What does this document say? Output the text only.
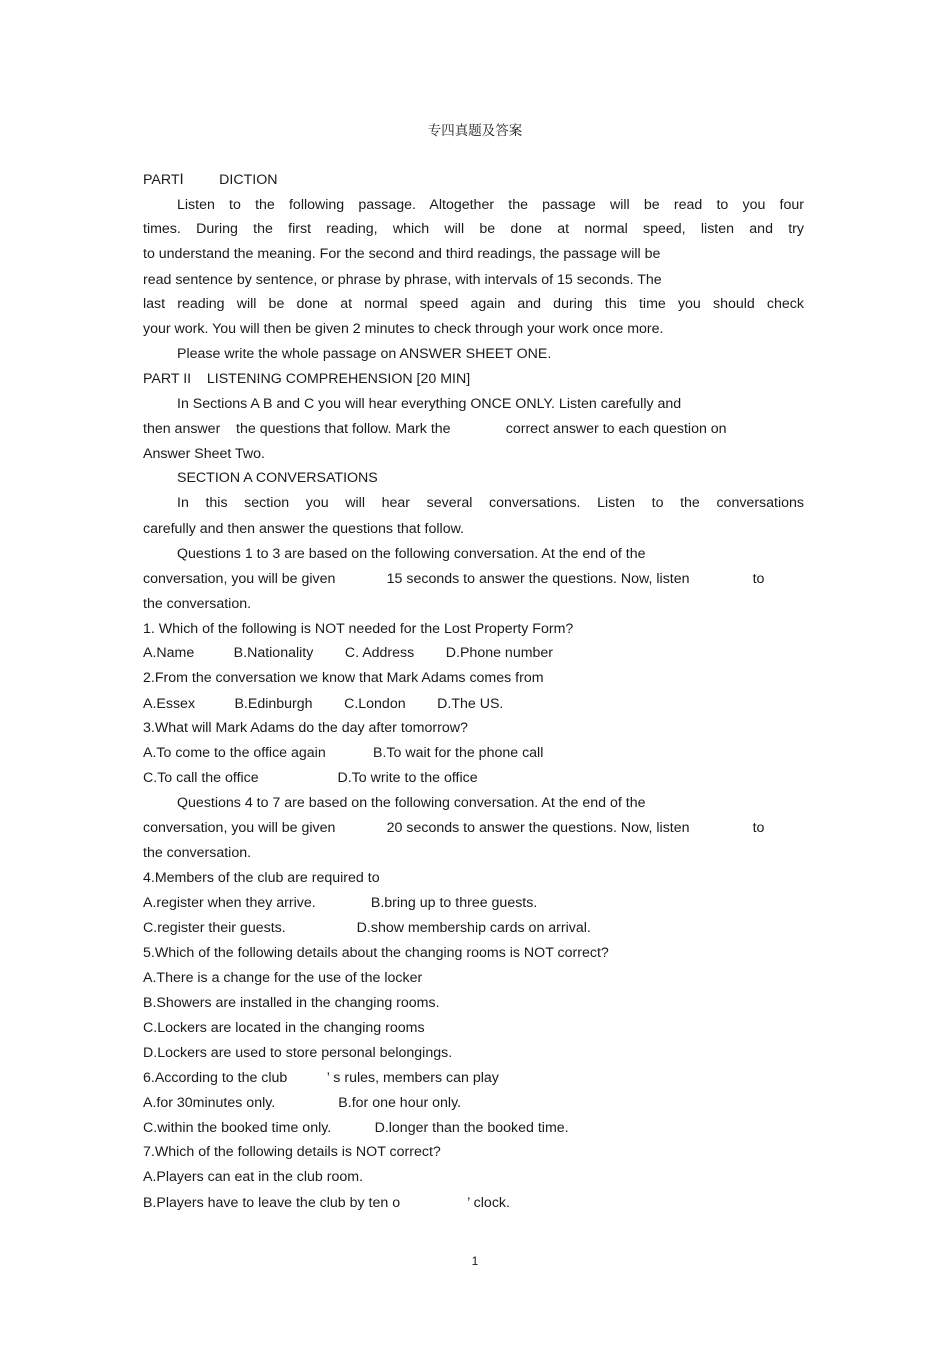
专四真题及答案
PARTⅠ         DICTION
Listen to the following passage. Altogether the passage will be read to you four
times. During the first reading, which will be done at normal speed, listen and try
to understand the meaning. For the second and third readings, the passage will be
read sentence by sentence, or phrase by phrase, with intervals of 15 seconds. The
last reading will be done at normal speed again and during this time you should check
your work. You will then be given 2 minutes to check through your work once more.
Please write the whole passage on ANSWER SHEET ONE.
PART II    LISTENING COMPREHENSION [20 MIN]
In Sections A B and C you will hear everything ONCE ONLY. Listen carefully and
then answer    the questions that follow. Mark the              correct answer to each question on
Answer Sheet Two.
SECTION A CONVERSATIONS
In this section you will hear several conversations. Listen to the conversations
carefully and then answer the questions that follow.
Questions 1 to 3 are based on the following conversation. At the end of the
conversation, you will be given             15 seconds to answer the questions. Now, listen                to
the conversation.
1. Which of the following is NOT needed for the Lost Property Form?
A.Name          B.Nationality        C. Address        D.Phone number
2.From the conversation we know that Mark Adams comes from
A.Essex          B.Edinburgh        C.London        D.The US.
3.What will Mark Adams do the day after tomorrow?
A.To come to the office again            B.To wait for the phone call
C.To call the office                    D.To write to the office
Questions 4 to 7 are based on the following conversation. At the end of the
conversation, you will be given             20 seconds to answer the questions. Now, listen                to
the conversation.
4.Members of the club are required to
A.register when they arrive.              B.bring up to three guests.
C.register their guests.                  D.show membership cards on arrival.
5.Which of the following details about the changing rooms is NOT correct?
A.There is a change for the use of the locker
B.Showers are installed in the changing rooms.
C.Lockers are located in the changing rooms
D.Lockers are used to store personal belongings.
6.According to the club          ’ s rules, members can play
A.for 30minutes only.                B.for one hour only.
C.within the booked time only.           D.longer than the booked time.
7.Which of the following details is NOT correct?
A.Players can eat in the club room.
B.Players have to leave the club by ten o                 ’ clock.
1
